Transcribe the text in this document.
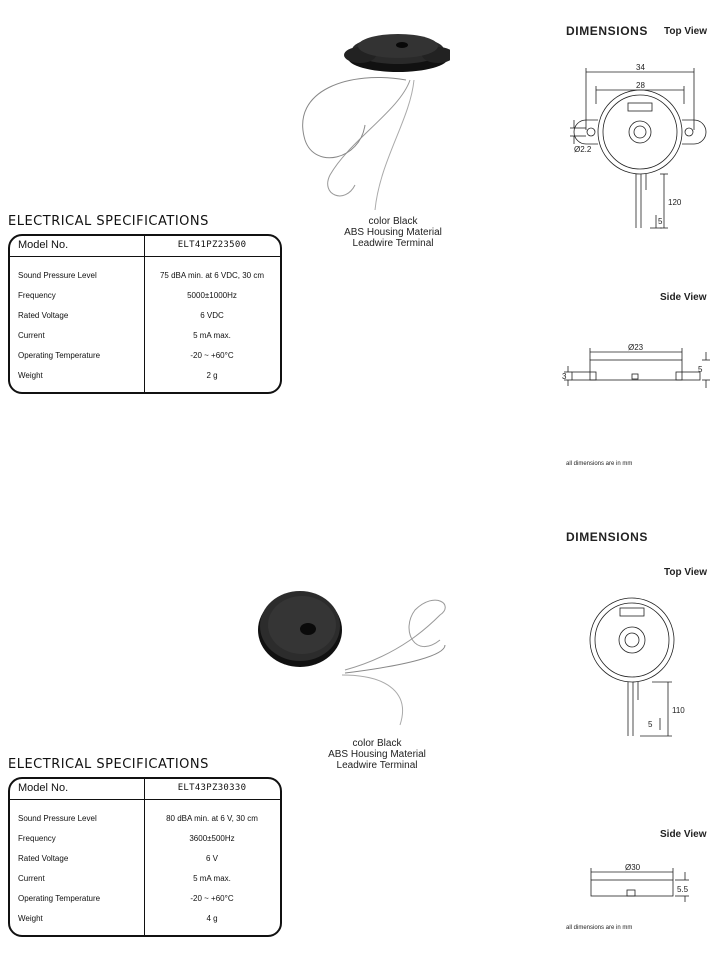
color Black
ABS Housing Material
Leadwire Terminal
ELECTRICAL SPECIFICATIONS
Model No.	ELT41PZ23500
Sound Pressure Level	75 dBA min. at 6 VDC, 30 cm
Frequency	5000±1000Hz
Rated Voltage	6 VDC
Current	5 mA max.
Operating Temperature	-20 ~ +60°C
Weight	2 g
DIMENSIONS Top View
34
28
Ø2.2
120
5
Side View
Ø23
5
3
all dimensions are in mm
color Black
ABS Housing Material
Leadwire Terminal
ELECTRICAL SPECIFICATIONS
Model No.	ELT43PZ30330
Sound Pressure Level	80 dBA min. at 6 V, 30 cm
Frequency	3600±500Hz
Rated Voltage	6 V
Current	5 mA max.
Operating Temperature	-20 ~ +60°C
Weight	4 g
DIMENSIONS
Top View
110
5
Side View
Ø30
5.5
all dimensions are in mm
